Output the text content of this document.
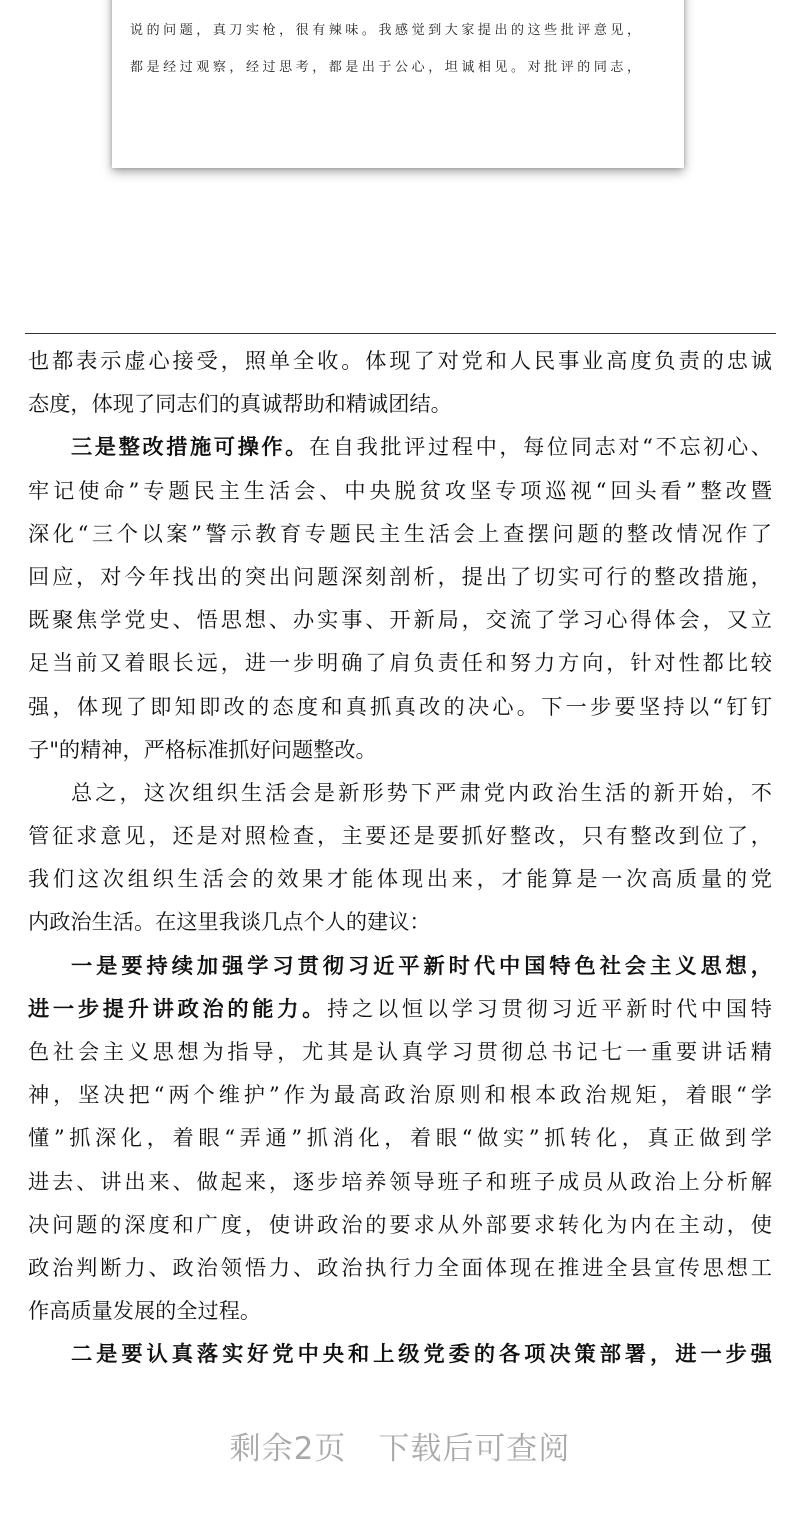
说的问题，真刀实枪，很有辣味。我感觉到大家提出的这些批评意见，
都是经过观察，经过思考，都是出于公心，坦诚相见。对批评的同志，
也都表示虚心接受，照单全收。体现了对党和人民事业高度负责的忠诚
态度，体现了同志们的真诚帮助和精诚团结。
三是整改措施可操作。在自我批评过程中，每位同志对“不忘初心、
牢记使命”专题民主生活会、中央脱贫攻坚专项巡视“回头看”整改暨
深化“三个以案”警示教育专题民主生活会上查摆问题的整改情况作了
回应，对今年找出的突出问题深刻剖析，提出了切实可行的整改措施，
既聚焦学党史、悟思想、办实事、开新局，交流了学习心得体会，又立
足当前又着眼长远，进一步明确了肩负责任和努力方向，针对性都比较
强，体现了即知即改的态度和真抓真改的决心。下一步要坚持以“钉钉
子"的精神，严格标准抓好问题整改。
总之，这次组织生活会是新形势下严肃党内政治生活的新开始，不
管征求意见，还是对照检查，主要还是要抓好整改，只有整改到位了，
我们这次组织生活会的效果才能体现出来，才能算是一次高质量的党
内政治生活。在这里我谈几点个人的建议：
一是要持续加强学习贯彻习近平新时代中国特色社会主义思想，
进一步提升讲政治的能力。持之以恒以学习贯彻习近平新时代中国特
色社会主义思想为指导，尤其是认真学习贯彻总书记七一重要讲话精
神，坚决把“两个维护”作为最高政治原则和根本政治规矩，着眼“学
懂”抓深化，着眼“弄通”抓消化，着眼“做实”抓转化，真正做到学
进去、讲出来、做起来，逐步培养领导班子和班子成员从政治上分析解
决问题的深度和广度，使讲政治的要求从外部要求转化为内在主动，使
政治判断力、政治领悟力、政治执行力全面体现在推进全县宣传思想工
作高质量发展的全过程。
二是要认真落实好党中央和上级党委的各项决策部署，进一步强
剩余2页 下载后可查阅
